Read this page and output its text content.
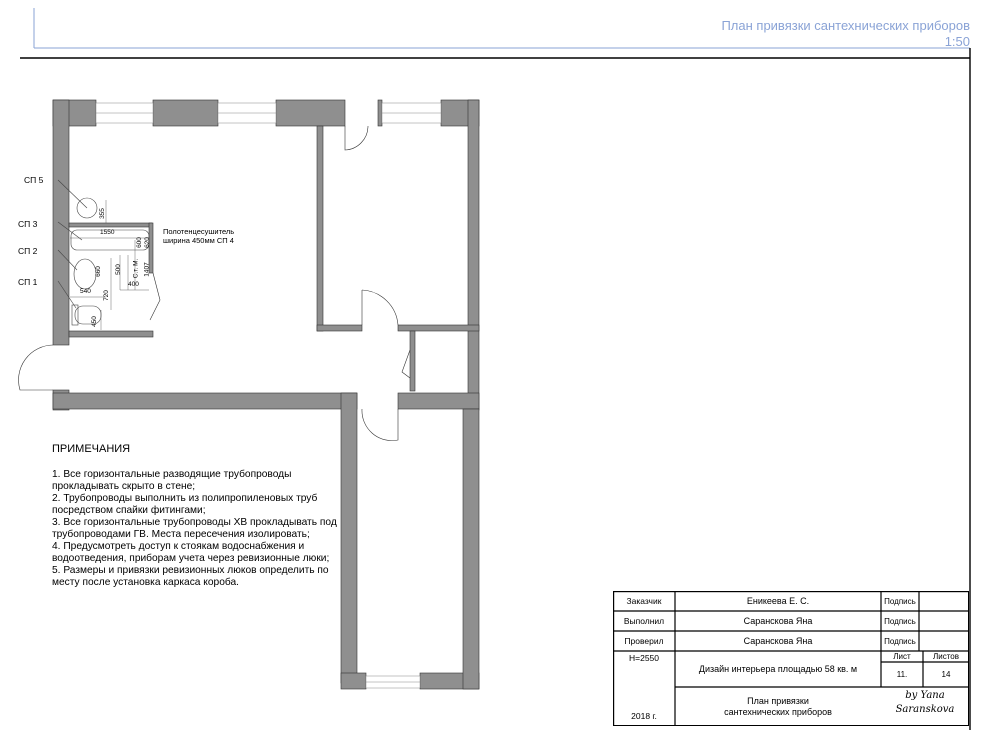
План привязки сантехнических приборов
1:50
СП 5
СП 3
СП 2
СП 1
Полотенцесушитель
ширина 450мм СП 4
355
1550
600 620
660 500 С.т. М.
400
1407
720
540
450
ПРИМЕЧАНИЯ

1. Все горизонтальные разводящие трубопроводы прокладывать скрыто в стене;

2. Трубопроводы выполнить из полипропиленовых труб посредством спайки фитингами;

3. Все горизонтальные трубопроводы ХВ прокладывать под трубопроводами ГВ. Места пересечения изолировать;

4. Предусмотреть доступ к стоякам водоснабжения и водоотведения, приборам учета через ревизионные люки;

5. Размеры и привязки ревизионных люков определить по месту после установка каркаса короба.

Заказчик	Еникеева Е. С.	Подпись
Выполнил	Саранскова Яна	Подпись
Проверил	Саранскова Яна	Подпись
H=2550
Дизайн интерьера площадью 58 кв. м
Лист	Листов
11.	14
План привязки сантехнических приборов
2018 г.
by Yana
Saranskova
